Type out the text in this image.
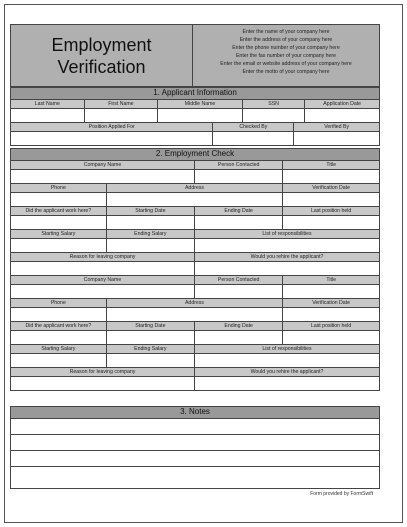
Employment
Verification
Enter the name of your company here
Enter the address of your company here
Enter the phone number of your company here
Enter the fax number of your company here
Enter the email or website address of your company here
Enter the motto of your company here
1. Applicant Information
Last Name	First Name	Middle Name	SSN	Application Date
Position Applied For	Checked By	Verified By
2. Employment Check
Company Name	Person Contacted	Title
Phone	Address	Verification Date
Did the applicant work here?	Starting Date	Ending Date	Last position held
Starting Salary	Ending Salary	List of responsibilities
Reason for leaving company	Would you rehire the applicant?
Company Name	Person Contacted	Title
Phone	Address	Verification Date
Did the applicant work here?	Starting Date	Ending Date	Last position held
Starting Salary	Ending Salary	List of responsibilities
Reason for leaving company	Would you rehire the applicant?
3. Notes
Form provided by FormSwift
